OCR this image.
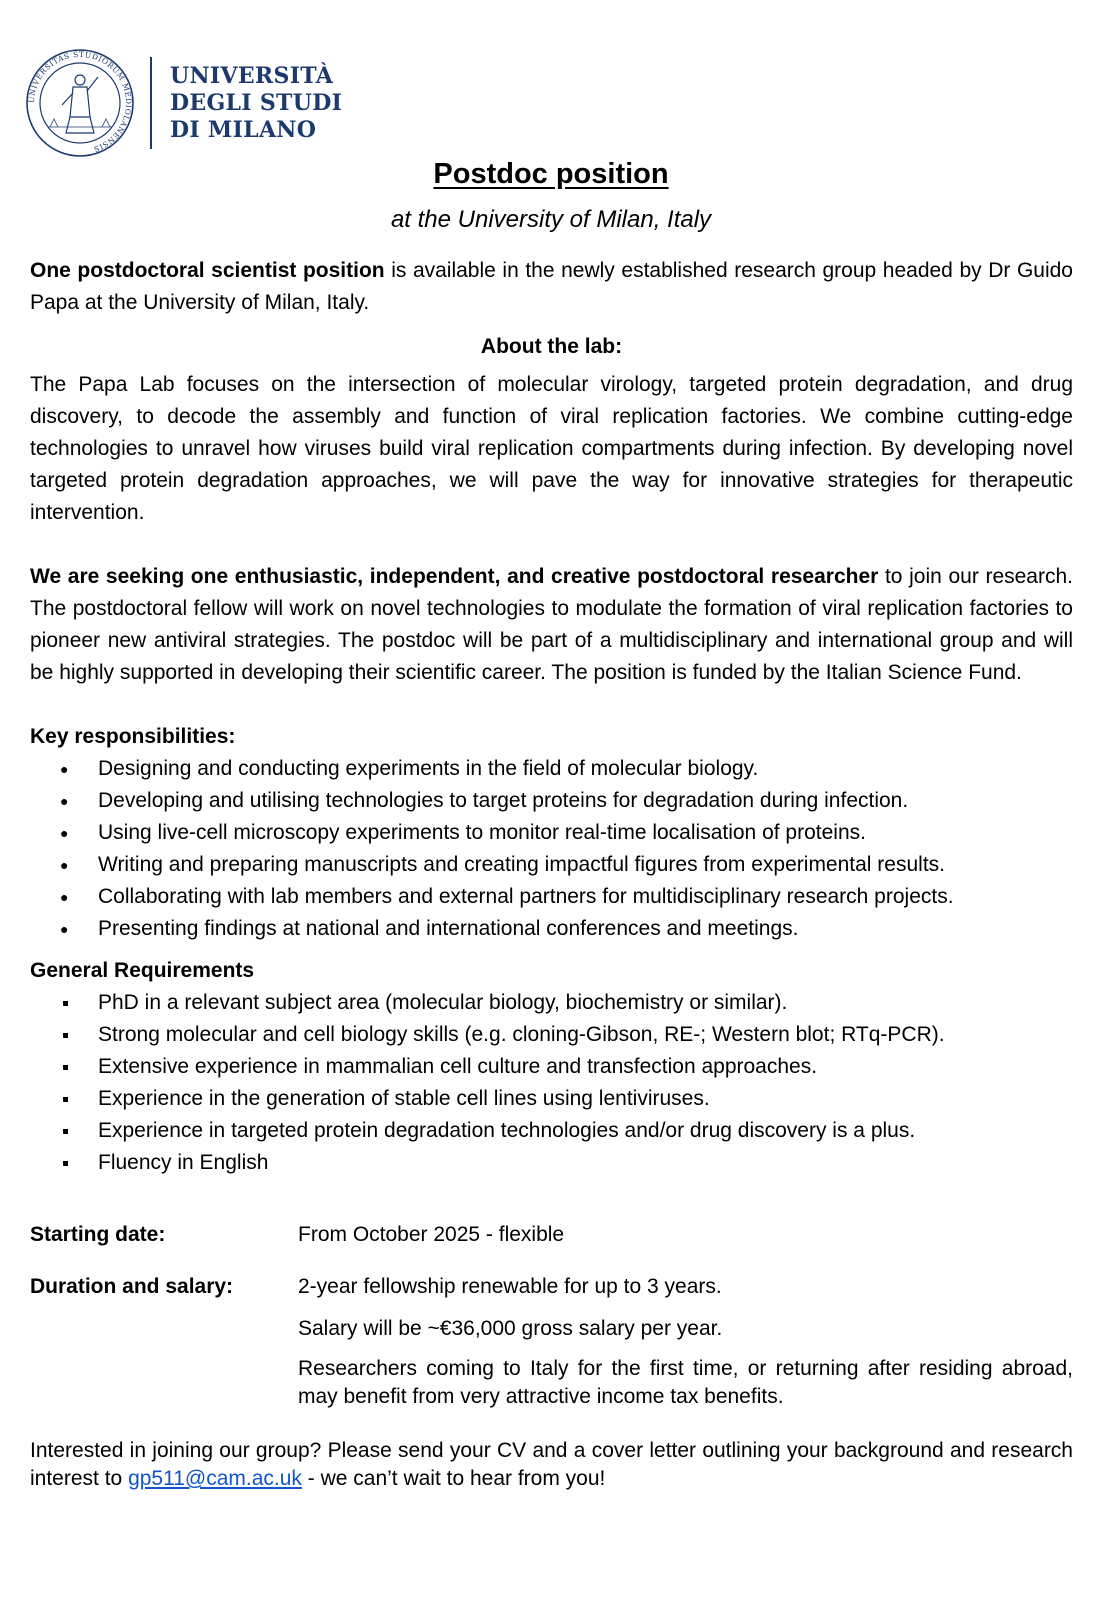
UNIVERSITAS STUDIORUM MEDIOLANENSIS
UNIVERSITÀ
DEGLI STUDI
DI MILANO
Postdoc position
at the University of Milan, Italy

One postdoctoral scientist position is available in the newly established research group headed by Dr Guido Papa at the University of Milan, Italy.

About the lab:

The Papa Lab focuses on the intersection of molecular virology, targeted protein degradation, and drug discovery, to decode the assembly and function of viral replication factories. We combine cutting-edge technologies to unravel how viruses build viral replication compartments during infection. By developing novel targeted protein degradation approaches, we will pave the way for innovative strategies for therapeutic intervention.

We are seeking one enthusiastic, independent, and creative postdoctoral researcher to join our research. The postdoctoral fellow will work on novel technologies to modulate the formation of viral replication factories to pioneer new antiviral strategies. The postdoc will be part of a multidisciplinary and international group and will be highly supported in developing their scientific career. The position is funded by the Italian Science Fund.

Key responsibilities:
● Designing and conducting experiments in the field of molecular biology.
● Developing and utilising technologies to target proteins for degradation during infection.
● Using live-cell microscopy experiments to monitor real-time localisation of proteins.
● Writing and preparing manuscripts and creating impactful figures from experimental results.
● Collaborating with lab members and external partners for multidisciplinary research projects.
● Presenting findings at national and international conferences and meetings.
General Requirements
PhD in a relevant subject area (molecular biology, biochemistry or similar).
Strong molecular and cell biology skills (e.g. cloning-Gibson, RE-; Western blot; RTq-PCR).
Extensive experience in mammalian cell culture and transfection approaches.
Experience in the generation of stable cell lines using lentiviruses.
Experience in targeted protein degradation technologies and/or drug discovery is a plus.
Fluency in English
Starting date:	From October 2025 - flexible

Duration and salary:	2-year fellowship renewable for up to 3 years.

Salary will be ~€36,000 gross salary per year.

Researchers coming to Italy for the first time, or returning after residing abroad, may benefit from very attractive income tax benefits.

Interested in joining our group? Please send your CV and a cover letter outlining your background and research interest to gp511@cam.ac.uk - we can’t wait to hear from you!
